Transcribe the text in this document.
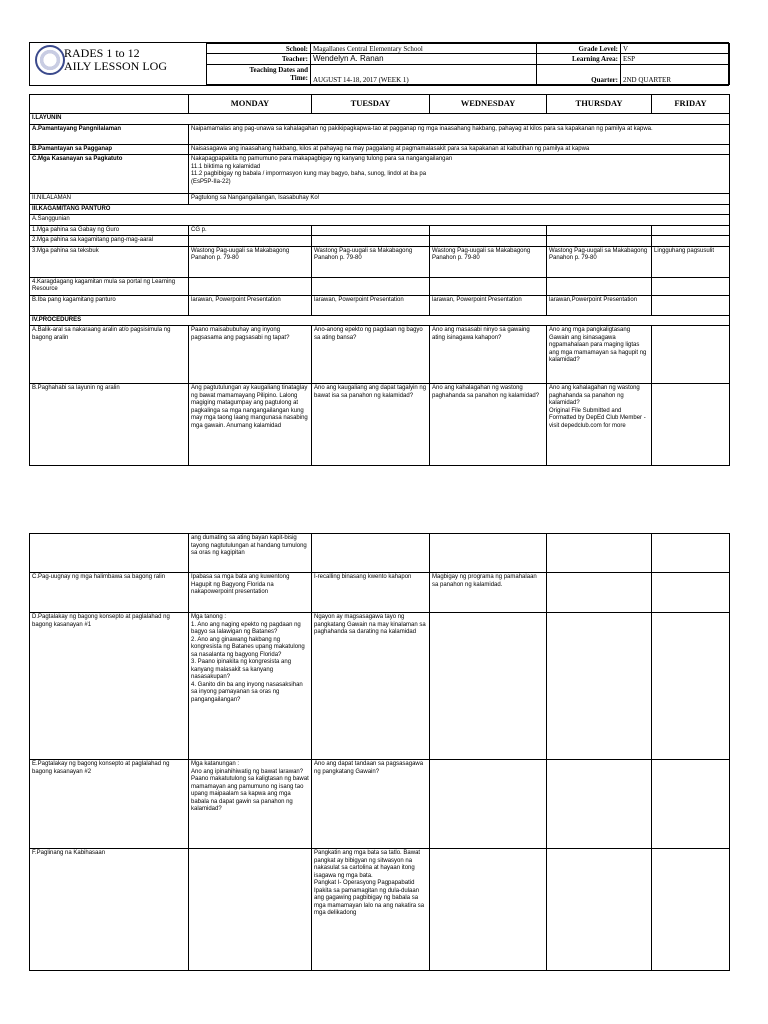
RADES 1 to 12
AILY LESSON LOG
School:	Magallanes Central Elementary School	Grade Level:	V
Teacher:	Wendelyn A. Ranan	Learning Area:	ESP
Teaching Dates and
Time:	AUGUST 14-18, 2017 (WEEK 1)	Quarter:	2ND QUARTER
	MONDAY	TUESDAY	WEDNESDAY	THURSDAY	FRIDAY
I.LAYUNIN					
A.Pamantayang Pangnilalaman	Naipamamalas ang pag-unawa sa kahalagahan ng pakikipagkapwa-tao at pagganap ng mga inaasahang hakbang, pahayag at kilos para sa kapakanan ng pamilya at kapwa.				
B.Pamantayan sa Pagganap	Naisasagawa ang inaasahang hakbang, kilos at pahayag na may paggalang at pagmamalasakit para sa kapakanan at kabutihan ng pamilya at kapwa				
C.Mga Kasanayan sa Pagkatuto	Nakapagpapakita ng pamumuno para makapagbigay ng kanyang tulong para sa nangangailangan
11.1 biktima ng kalamidad
11.2 pagbibigay ng babala / impormasyon kung may bagyo, baha, sunog, lindol at iba pa
(EsP5P-IIa-22)				
II.NILALAMAN	Pagtulong sa Nangangailangan, Isasabuhay Ko!				
III.KAGAMITANG PANTURO					
A.Sanggunian					
1.Mga pahina sa Gabay ng Guro	CG p.				
2.Mga pahina sa kagamitang pang-mag-aaral					
3.Mga pahina sa teksbuk	Wastong Pag-uugali sa Makabagong Panahon p. 79-80	Wastong Pag-uugali sa Makabagong Panahon p. 79-80	Wastong Pag-uugali sa Makabagong Panahon p. 79-80	Wastong Pag-uugali sa Makabagong Panahon p. 79-80	Lingguhang pagsusulit
4.Karagdagang kagamitan mula sa portal ng Learning Resource					
B.Iba pang kagamitang panturo	larawan, Powerpoint Presentation	larawan, Powerpoint Presentation	larawan, Powerpoint Presentation	larawan,Powerpoint Presentation	
IV.PROCEDURES					
A.Balik-aral sa nakaraang aralin at/o pagsisimula ng bagong aralin	Paano maisabubuhay ang inyong pagsasama ang pagsasabi ng tapat?	Ano-anong epekto ng pagdaan ng bagyo sa ating bansa?	Ano ang masasabi ninyo sa gawaing ating isinagawa kahapon?	Ano ang mga pangkaligtasang Gawain ang isinasagawa ngpamahalaan para maging ligtas ang mga mamamayan sa hagupit ng kalamidad?	
B.Paghahabi sa layunin ng aralin	Ang pagtutulungan ay kaugaliang tinataglay ng bawat mamamayang Pilipino. Lalong magiging matagumpay ang pagtulong at pagkalinga sa mga nangangailangan kung may mga taong laang mangunasa nasabing mga gawain. Anumang kalamidad	Ano ang kaugaliang ang dapat tagalyin ng bawat isa sa panahon ng kalamidad?	Ano ang kahalagahan ng wastong paghahanda sa panahon ng kalamidad?	Ano ang kahalagahan ng wastong paghahanda sa panahon ng kalamidad?
Original File Submitted and Formatted by DepEd Club Member - visit depedclub.com for more	
	ang dumating sa ating bayan kapit-bisig tayong nagtutulungan at handang tumulong sa oras ng kagipitan				
C.Pag-uugnay ng mga halimbawa sa bagong ralin	Ipabasa sa mga bata ang kuwentong Hagupit ng Bagyong Florida na nakapowerpoint presentation	I-recalling binasang kwento kahapon	Magbigay ng programa ng pamahalaan sa panahon ng kalamidad.		
D.Pagtalakay ng bagong konsepto at paglalahad ng bagong kasanayan #1	Mga tanong :
1. Ano ang naging epekto ng pagdaan ng bagyo sa lalawigan ng Batanes?
2. Ano ang ginawang hakbang ng kongresista ng Batanes upang makatulong sa nasalanta ng bagyong Florida?
3. Paano ipinakita ng kongresista ang kanyang malasakit sa kanyang nasasakupan?
4. Ganito din ba ang inyong nasasaksihan sa inyong pamayanan sa oras ng pangangailangan?	Ngayon ay magsasagawa tayo ng pangkatang Gawain na may kinalaman sa paghahanda sa darating na kalamidad			
E.Pagtalakay ng bagong konsepto at paglalahad ng bagong kasanayan #2	Mga katanungan :
Ano ang ipinahihiwatig ng bawat larawan?
Paano makatutulong sa kaligtasan ng bawat mamamayan ang pamumuno ng isang tao upang maipaalam sa kapwa ang mga babala na dapat gawin sa panahon ng kalamidad?	Ano ang dapat tandaan sa pagsasagawa ng pangkatang Gawain?			
F.Paglinang na Kabihasaan		Pangkatin ang mga bata sa tatlo. Bawat pangkat ay bibigyan ng sitwasyon na nakasulat sa cartolina at hayaan itong isagawa ng mga bata.
Pangkat I- Operasyong Pagpapabatid
Ipakita sa pamamagitan ng dula-dulaan ang gagawing pagbibigay ng babala sa mga mamamayan lalo na ang nakatira sa mga delikadong			
